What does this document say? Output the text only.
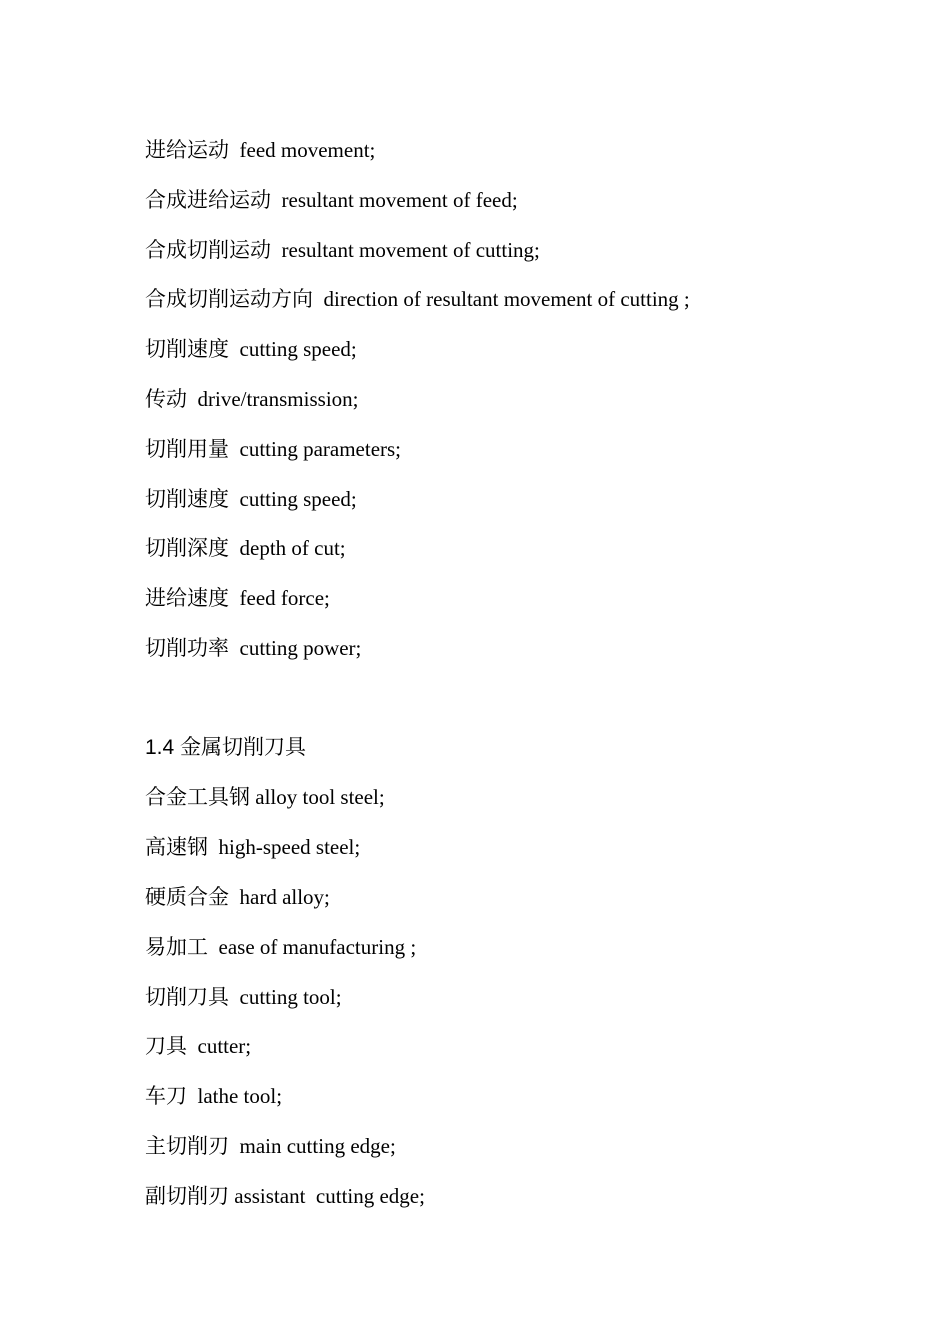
进给运动  feed movement;
合成进给运动  resultant movement of feed;
合成切削运动  resultant movement of cutting;
合成切削运动方向  direction of resultant movement of cutting ;
切削速度  cutting speed;
传动  drive/transmission;
切削用量  cutting parameters;
切削速度  cutting speed;
切削深度  depth of cut;
进给速度  feed force;
切削功率  cutting power;
1.4 金属切削刀具
合金工具钢 alloy tool steel;
高速钢  high-speed steel;
硬质合金  hard alloy;
易加工  ease of manufacturing ;
切削刀具  cutting tool;
刀具  cutter;
车刀  lathe tool;
主切削刃  main cutting edge;
副切削刃 assistant  cutting edge;
